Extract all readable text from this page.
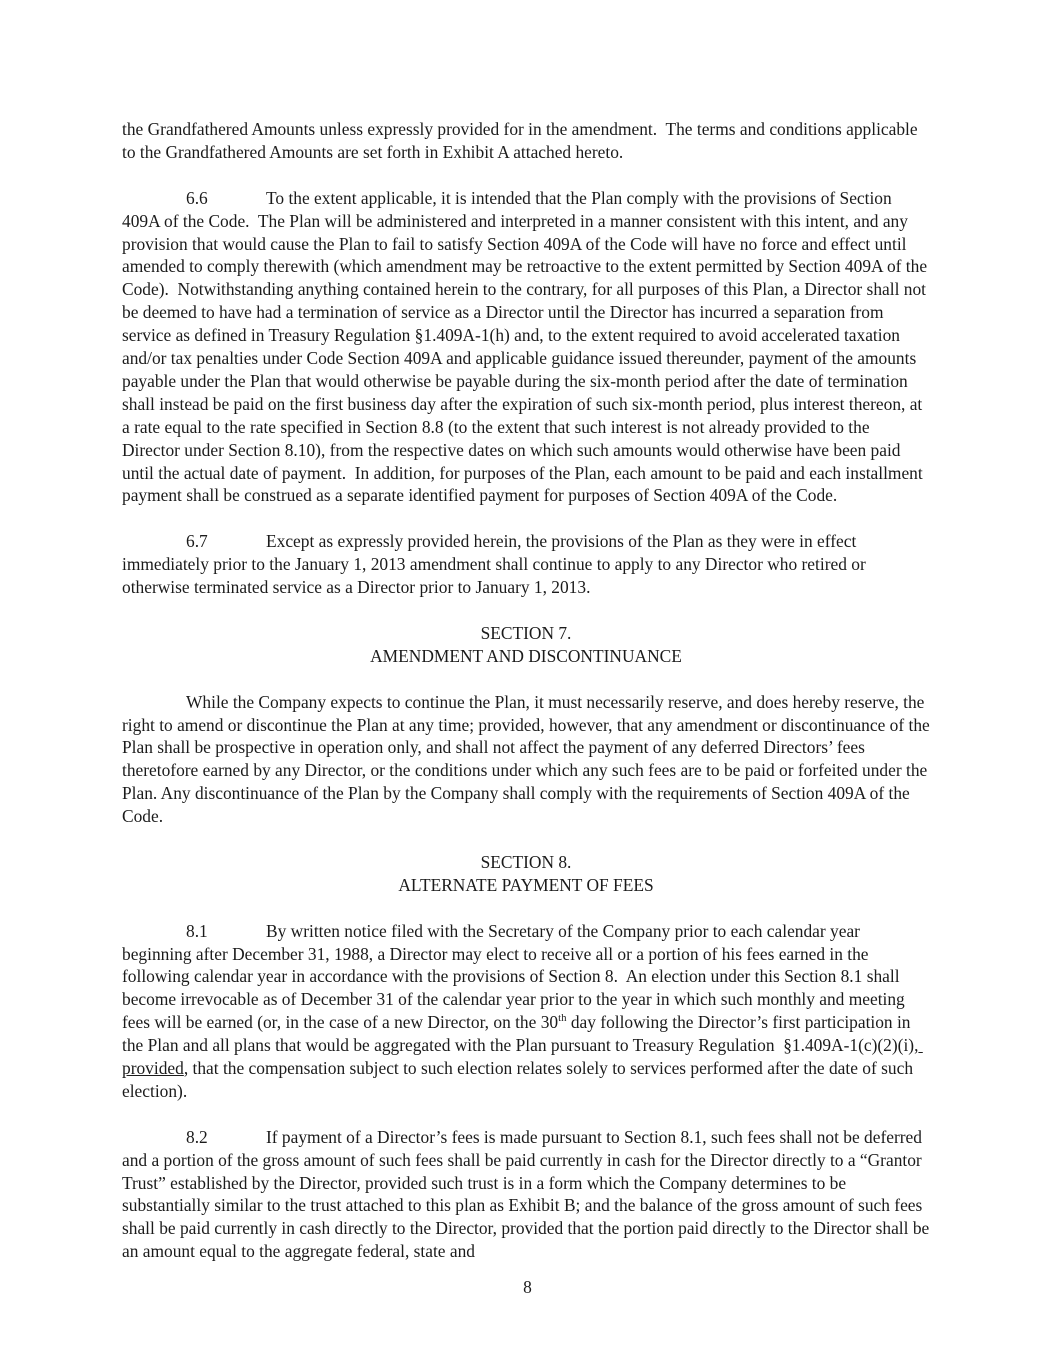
the Grandfathered Amounts unless expressly provided for in the amendment.  The terms and conditions applicable to the Grandfathered Amounts are set forth in Exhibit A attached hereto.

6.6	To the extent applicable, it is intended that the Plan comply with the provisions of Section 409A of the Code.  The Plan will be administered and interpreted in a manner consistent with this intent, and any provision that would cause the Plan to fail to satisfy Section 409A of the Code will have no force and effect until amended to comply therewith (which amendment may be retroactive to the extent permitted by Section 409A of the Code).  Notwithstanding anything contained herein to the contrary, for all purposes of this Plan, a Director shall not be deemed to have had a termination of service as a Director until the Director has incurred a separation from service as defined in Treasury Regulation §1.409A-1(h) and, to the extent required to avoid accelerated taxation and/or tax penalties under Code Section 409A and applicable guidance issued thereunder, payment of the amounts payable under the Plan that would otherwise be payable during the six-month period after the date of termination shall instead be paid on the first business day after the expiration of such six-month period, plus interest thereon, at a rate equal to the rate specified in Section 8.8 (to the extent that such interest is not already provided to the Director under Section 8.10), from the respective dates on which such amounts would otherwise have been paid until the actual date of payment.  In addition, for purposes of the Plan, each amount to be paid and each installment payment shall be construed as a separate identified payment for purposes of Section 409A of the Code.

6.7	Except as expressly provided herein, the provisions of the Plan as they were in effect immediately prior to the January 1, 2013 amendment shall continue to apply to any Director who retired or otherwise terminated service as a Director prior to January 1, 2013.

SECTION 7.
AMENDMENT AND DISCONTINUANCE

While the Company expects to continue the Plan, it must necessarily reserve, and does hereby reserve, the right to amend or discontinue the Plan at any time; provided, however, that any amendment or discontinuance of the Plan shall be prospective in operation only, and shall not affect the payment of any deferred Directors’ fees theretofore earned by any Director, or the conditions under which any such fees are to be paid or forfeited under the Plan. Any discontinuance of the Plan by the Company shall comply with the requirements of Section 409A of the Code.

SECTION 8.
ALTERNATE PAYMENT OF FEES

8.1	By written notice filed with the Secretary of the Company prior to each calendar year beginning after December 31, 1988, a Director may elect to receive all or a portion of his fees earned in the following calendar year in accordance with the provisions of Section 8.  An election under this Section 8.1 shall become irrevocable as of December 31 of the calendar year prior to the year in which such monthly and meeting fees will be earned (or, in the case of a new Director, on the 30th day following the Director’s first participation in the Plan and all plans that would be aggregated with the Plan pursuant to Treasury Regulation  §1.409A-1(c)(2)(i), provided, that the compensation subject to such election relates solely to services performed after the date of such election).

8.2	If payment of a Director’s fees is made pursuant to Section 8.1, such fees shall not be deferred and a portion of the gross amount of such fees shall be paid currently in cash for the Director directly to a “Grantor Trust” established by the Director, provided such trust is in a form which the Company determines to be substantially similar to the trust attached to this plan as Exhibit B; and the balance of the gross amount of such fees shall be paid currently in cash directly to the Director, provided that the portion paid directly to the Director shall be an amount equal to the aggregate federal, state and

8
